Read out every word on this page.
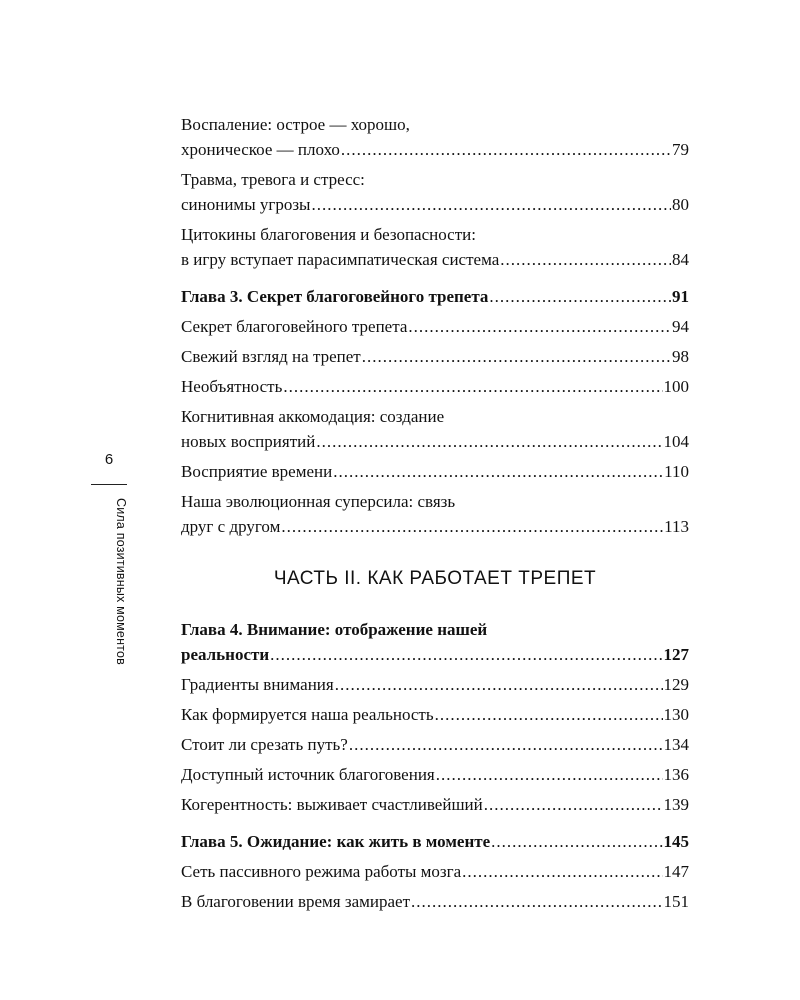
6
Сила позитивных моментов
Воспаление: острое — хорошо,
хроническое — плохо .....	79
Травма, тревога и стресс:
синонимы угрозы .....	80
Цитокины благоговения и безопасности:
в игру вступает парасимпатическая система .....	84
Глава 3. Секрет благоговейного трепета .....	91
Секрет благоговейного трепета .....	94
Свежий взгляд на трепет .....	98
Необъятность .....	100
Когнитивная аккомодация: создание
новых восприятий .....	104
Восприятие времени .....	110
Наша эволюционная суперсила: связь
друг с другом .....	113
ЧАСТЬ II. КАК РАБОТАЕТ ТРЕПЕТ
Глава 4. Внимание: отображение нашей
реальности .....	127
Градиенты внимания .....	129
Как формируется наша реальность .....	130
Стоит ли срезать путь? .....	134
Доступный источник благоговения .....	136
Когерентность: выживает счастливейший .....	139
Глава 5. Ожидание: как жить в моменте .....	145
Сеть пассивного режима работы мозга .....	147
В благоговении время замирает .....	151
